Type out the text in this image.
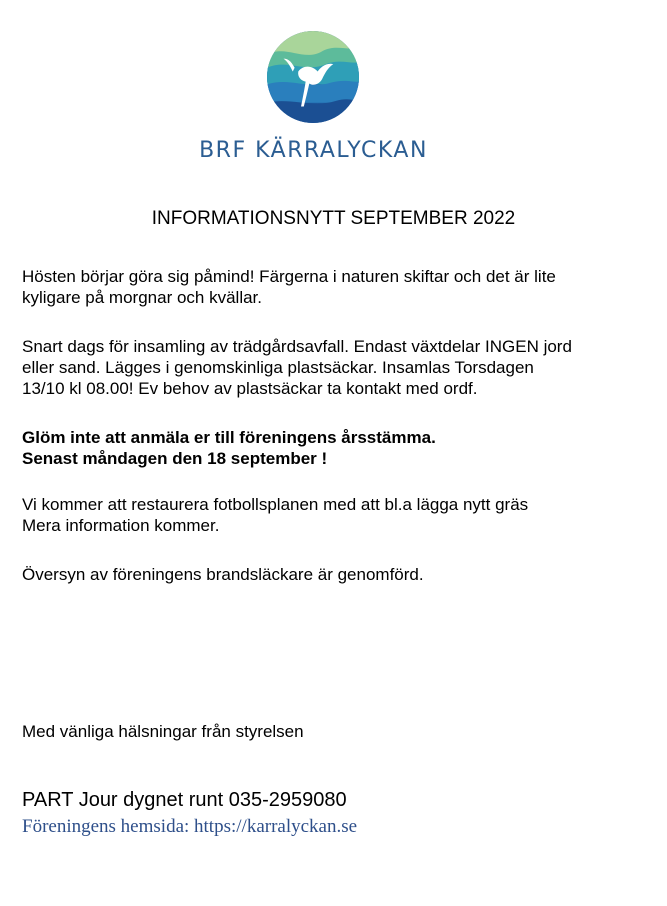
BRF KÄRRALYCKAN
INFORMATIONSNYTT SEPTEMBER 2022

Hösten börjar göra sig påmind! Färgerna i naturen skiftar och det är lite
kyligare på morgnar och kvällar.

Snart dags för insamling av trädgårdsavfall. Endast växtdelar INGEN jord
eller sand. Lägges i genomskinliga plastsäckar. Insamlas Torsdagen
13/10 kl 08.00! Ev behov av plastsäckar ta kontakt med ordf.

Glöm inte att anmäla er till föreningens årsstämma.
Senast måndagen den 18 september !

Vi kommer att restaurera fotbollsplanen med att bl.a lägga nytt gräs
Mera information kommer.

Översyn av föreningens brandsläckare är genomförd.

Med vänliga hälsningar från styrelsen

PART Jour dygnet runt 035-2959080
Föreningens hemsida: https://karralyckan.se
